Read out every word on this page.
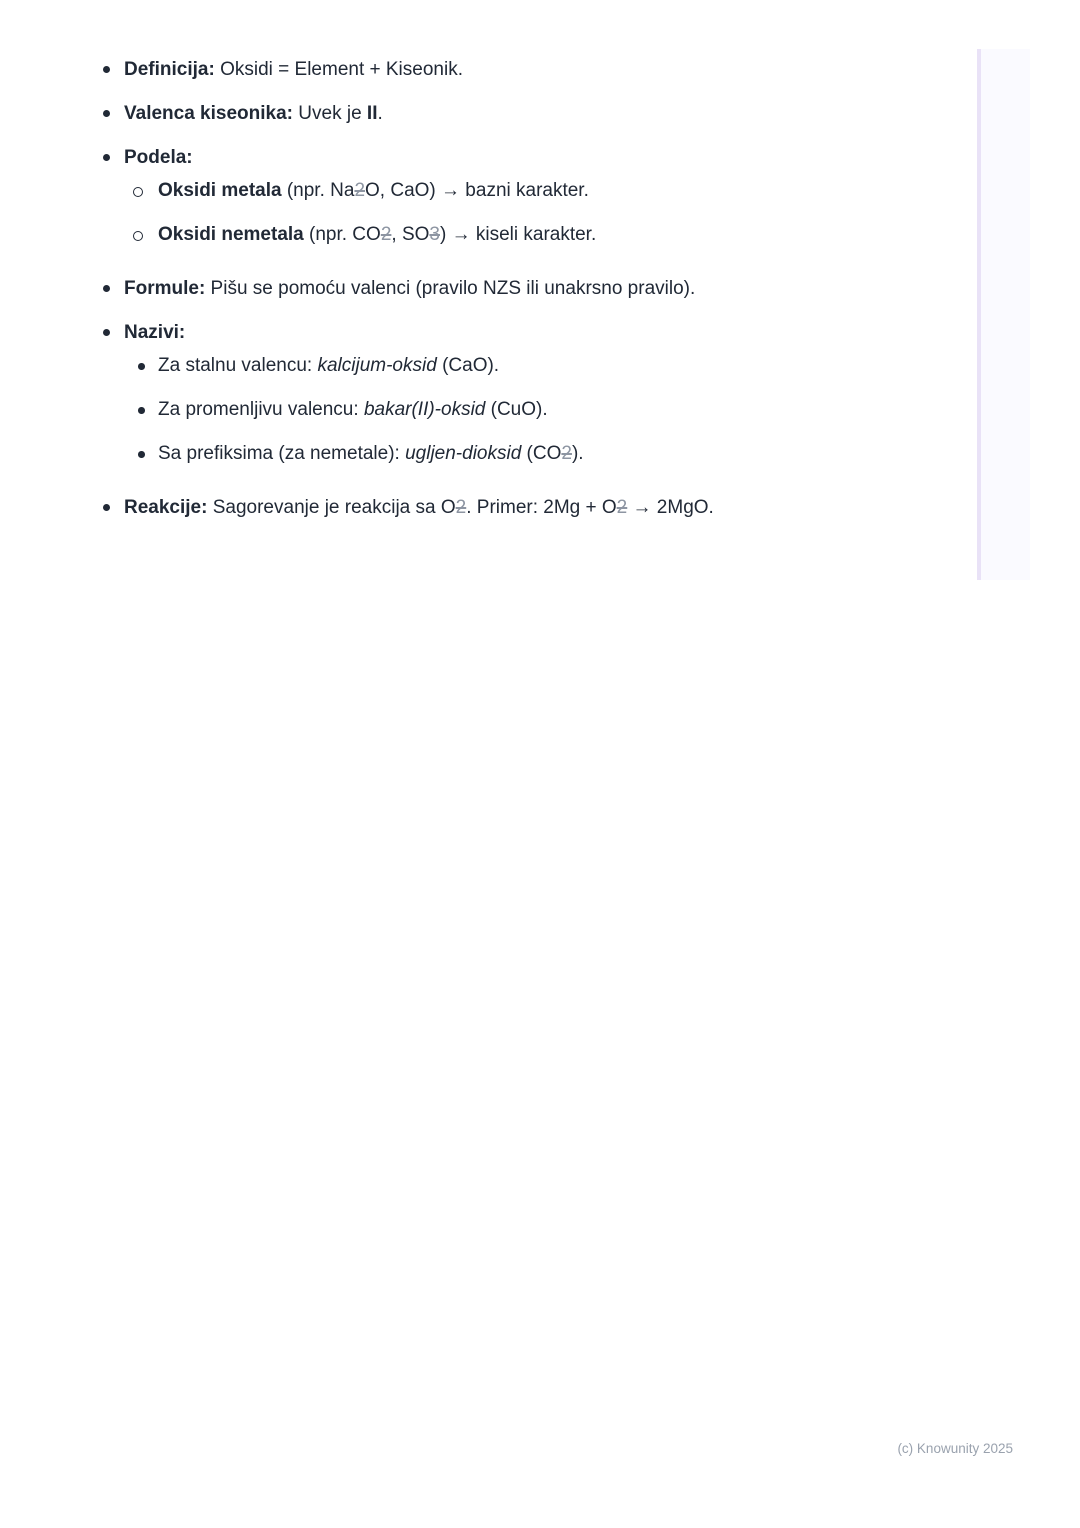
Definicija: Oksidi = Element + Kiseonik.
Valenca kiseonika: Uvek je II.
Podela:
Oksidi metala (npr. Na2O, CaO) → bazni karakter.
Oksidi nemetala (npr. CO2, SO3) → kiseli karakter.
Formule: Pišu se pomoću valenci (pravilo NZS ili unakrsno pravilo).
Nazivi:
Za stalnu valencu: kalcijum-oksid (CaO).
Za promenljivu valencu: bakar(II)-oksid (CuO).
Sa prefiksima (za nemetale): ugljen-dioksid (CO2).
Reakcije: Sagorevanje je reakcija sa O2. Primer: 2Mg + O2 → 2MgO.
(c) Knowunity 2025
